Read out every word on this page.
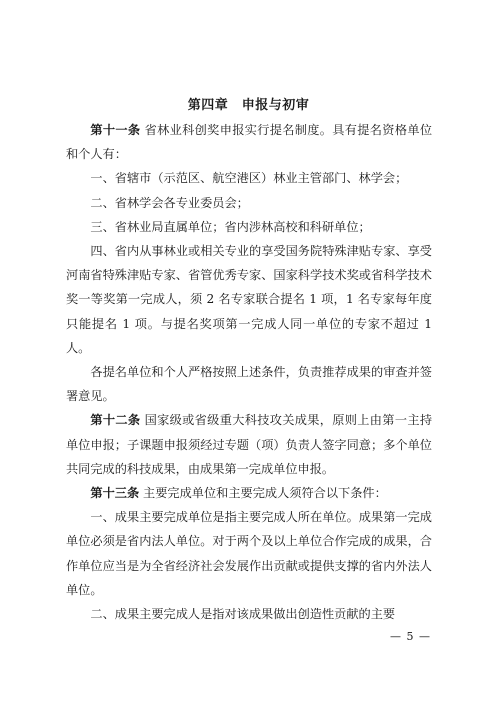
第四章　申报与初审

第十一条 省林业科创奖申报实行提名制度。具有提名资格单位和个人有：

一、省辖市（示范区、航空港区）林业主管部门、林学会；

二、省林学会各专业委员会；

三、省林业局直属单位；省内涉林高校和科研单位；

四、省内从事林业或相关专业的享受国务院特殊津贴专家、享受河南省特殊津贴专家、省管优秀专家、国家科学技术奖或省科学技术奖一等奖第一完成人，须 2 名专家联合提名 1 项，1 名专家每年度只能提名 1 项。与提名奖项第一完成人同一单位的专家不超过 1 人。

各提名单位和个人严格按照上述条件，负责推荐成果的审查并签署意见。

第十二条 国家级或省级重大科技攻关成果，原则上由第一主持单位申报；子课题申报须经过专题（项）负责人签字同意；多个单位共同完成的科技成果，由成果第一完成单位申报。

第十三条 主要完成单位和主要完成人须符合以下条件：

一、成果主要完成单位是指主要完成人所在单位。成果第一完成单位必须是省内法人单位。对于两个及以上单位合作完成的成果，合作单位应当是为全省经济社会发展作出贡献或提供支撑的省内外法人单位。

二、成果主要完成人是指对该成果做出创造性贡献的主要

— 5 —
